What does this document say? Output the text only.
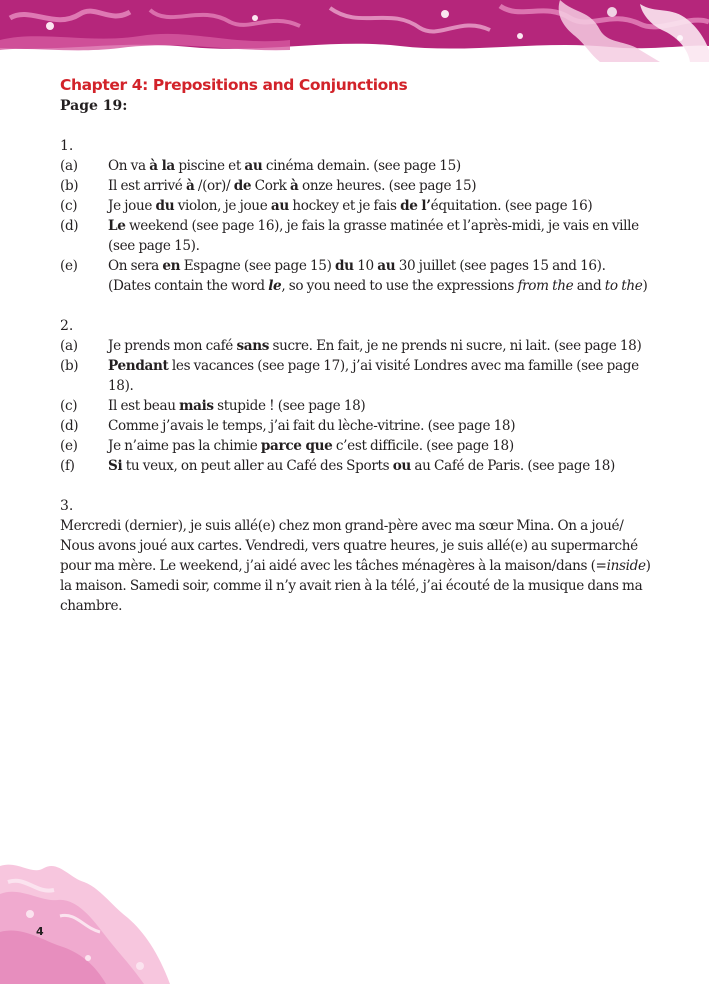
Chapter 4: Prepositions and Conjunctions

Page 19:

1.

(a)	On va à la piscine et au cinéma demain. (see page 15)
(b)	Il est arrivé à /(or)/ de Cork à onze heures. (see page 15)
(c)	Je joue du violon, je joue au hockey et je fais de l’équitation. (see page 16)
(d)	Le weekend (see page 16), je fais la grasse matinée et l’après-midi, je vais en ville (see page 15).
(e)	On sera en Espagne (see page 15) du 10 au 30 juillet (see pages 15 and 16).
(Dates contain the word le, so you need to use the expressions from the and to the)

2.

(a)	Je prends mon café sans sucre. En fait, je ne prends ni sucre, ni lait. (see page 18)
(b)	Pendant les vacances (see page 17), j’ai visité Londres avec ma famille (see page 18).
(c)	Il est beau mais stupide ! (see page 18)
(d)	Comme j’avais le temps, j’ai fait du lèche-vitrine. (see page 18)
(e)	Je n’aime pas la chimie parce que c’est difficile. (see page 18)
(f)	Si tu veux, on peut aller au Café des Sports ou au Café de Paris. (see page 18)

3.

Mercredi (dernier), je suis allé(e) chez mon grand-père avec ma sœur Mina. On a joué/ Nous avons joué aux cartes. Vendredi, vers quatre heures, je suis allé(e) au supermarché pour ma mère. Le weekend, j’ai aidé avec les tâches ménagères à la maison/dans (=inside) la maison. Samedi soir, comme il n’y avait rien à la télé, j’ai écouté de la musique dans ma chambre.

4
